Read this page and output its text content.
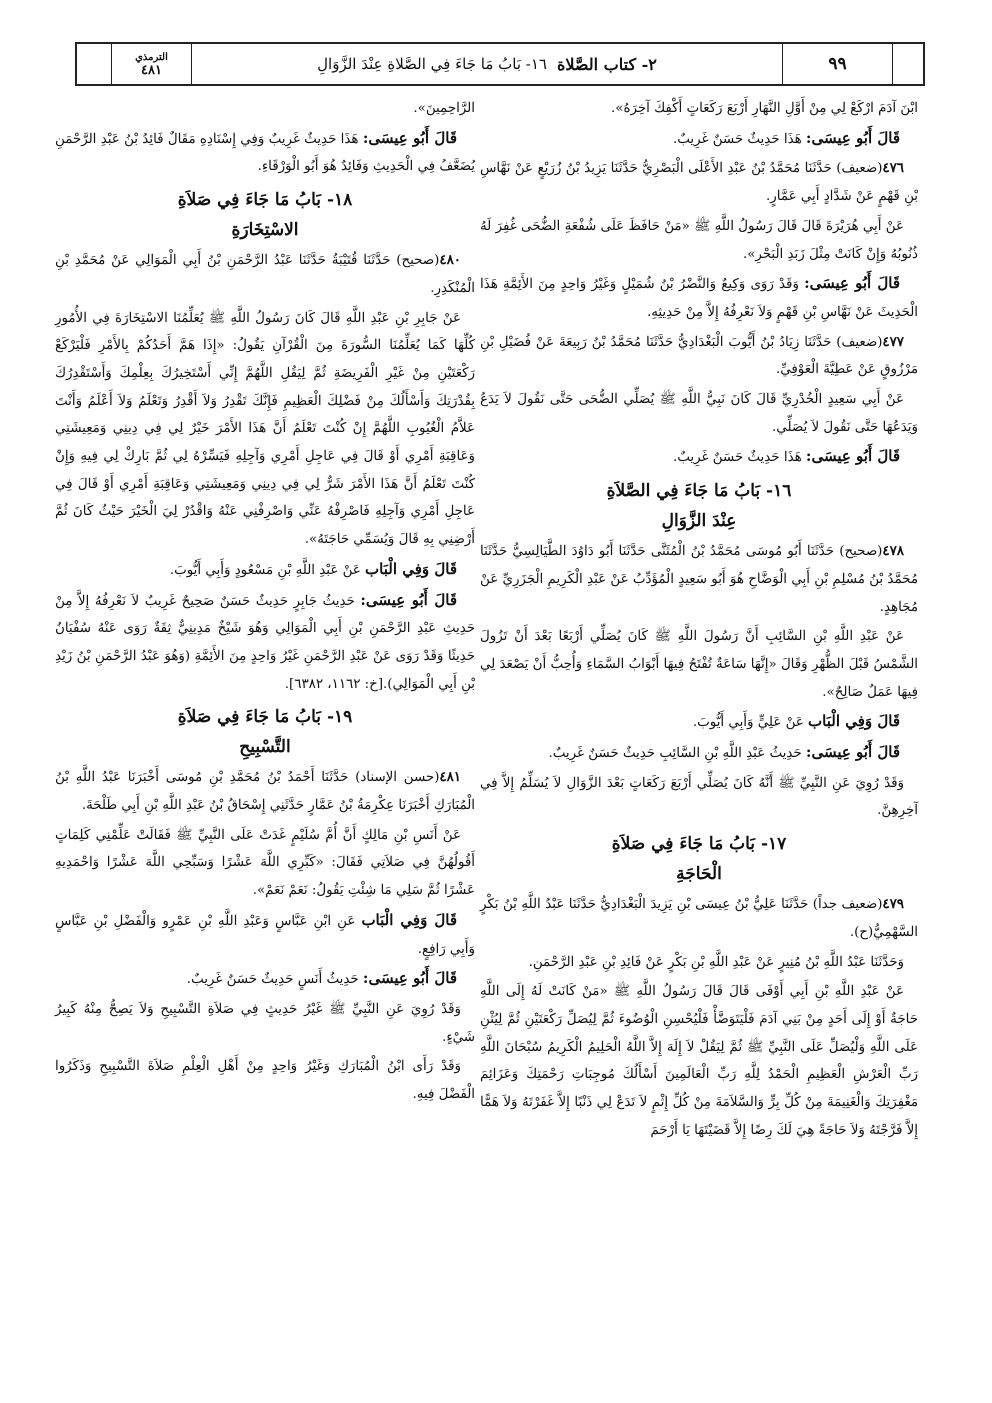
الترمذي
٤٨١	٢- كتاب الصَّلاة
١٦- بَابُ مَا جَاءَ فِي الصَّلاةِ عِنْدَ الزَّوَالِ	٩٩

ابْنَ آدَمَ ارْكَعْ لِي مِنْ أَوَّلِ النَّهَارِ أَرْبَعَ رَكَعَاتٍ أَكْفِكَ آخِرَهُ».

قَالَ أَبُو عِيسَى: هَذَا حَدِيثٌ حَسَنٌ غَرِيبٌ.

٤٧٦(ضعيف) حَدَّثَنَا مُحَمَّدُ بْنُ عَبْدِ الأَعْلَى الْبَصْرِيُّ حَدَّثَنَا يَزِيدُ بْنُ زُرَيْعٍ عَنْ نَهَّاسِ بْنِ قَهْمٍ عَنْ شَدَّادٍ أَبِي عَمَّارٍ.

عَنْ أَبِي هُرَيْرَةَ قَالَ قَالَ رَسُولُ اللَّهِ ﷺ «مَنْ حَافَظَ عَلَى شُفْعَةِ الضُّحَى غُفِرَ لَهُ ذُنُوبُهُ وَإِنْ كَانَتْ مِثْلَ زَبَدِ الْبَحْرِ».

قَالَ أَبُو عِيسَى: وَقَدْ رَوَى وَكِيعٌ وَالنَّضْرُ بْنُ شُمَيْلٍ وَغَيْرُ وَاحِدٍ مِنَ الأَئِمَّةِ هَذَا الْحَدِيثَ عَنْ نَهَّاسِ بْنِ قَهْمٍ وَلاَ نَعْرِفُهُ إِلاَّ مِنْ حَدِيثِهِ.

٤٧٧(ضعيف) حَدَّثَنَا زِيَادُ بْنُ أَيُّوبَ الْبَغْدَادِيُّ حَدَّثَنَا مُحَمَّدُ بْنُ رَبِيعَةَ عَنْ فُضَيْلِ بْنِ مَرْزُوقٍ عَنْ عَطِيَّةَ الْعَوْفِيِّ.

عَنْ أَبِي سَعِيدٍ الْخُدْرِيِّ قَالَ كَانَ نَبِيُّ اللَّهِ ﷺ يُصَلِّي الضُّحَى حَتَّى نَقُولَ لاَ يَدَعُ وَيَدَعُهَا حَتَّى نَقُولَ لاَ يُصَلِّي.

قَالَ أَبُو عِيسَى: هَذَا حَدِيثٌ حَسَنٌ غَرِيبٌ.

١٦- بَابُ مَا جَاءَ فِي الصَّلاَةِ
عِنْدَ الزَّوَالِ

٤٧٨(صحيح) حَدَّثَنَا أَبُو مُوسَى مُحَمَّدُ بْنُ الْمُثَنَّى حَدَّثَنَا أَبُو دَاوُدَ الطَّيَالِسِيُّ حَدَّثَنَا مُحَمَّدُ بْنُ مُسْلِمِ بْنِ أَبِي الْوَضَّاحِ هُوَ أَبُو سَعِيدٍ الْمُؤَدِّبُ عَنْ عَبْدِ الْكَرِيمِ الْجَزَرِيِّ عَنْ مُجَاهِدٍ.

عَنْ عَبْدِ اللَّهِ بْنِ السَّائِبِ أَنَّ رَسُولَ اللَّهِ ﷺ كَانَ يُصَلِّي أَرْبَعًا بَعْدَ أَنْ تَزُولَ الشَّمْسُ قَبْلَ الظُّهْرِ وَقَالَ «إِنَّهَا سَاعَةٌ تُفْتَحُ فِيهَا أَبْوَابُ السَّمَاءِ وَأُحِبُّ أَنْ يَصْعَدَ لِي فِيهَا عَمَلٌ صَالِحٌ».

قَالَ وَفِي الْبَاب عَنْ عَلِيٍّ وَأَبِي أَيُّوبَ.

قَالَ أَبُو عِيسَى: حَدِيثُ عَبْدِ اللَّهِ بْنِ السَّائِبِ حَدِيثٌ حَسَنٌ غَرِيبٌ.

وَقَدْ رُوِيَ عَنِ النَّبِيِّ ﷺ أَنَّهُ كَانَ يُصَلِّي أَرْبَعَ رَكَعَاتٍ بَعْدَ الزَّوَالِ لاَ يُسَلِّمُ إِلاَّ فِي آخِرِهِنَّ.

١٧- بَابُ مَا جَاءَ فِي صَلاَةِ
الْحَاجَةِ

٤٧٩(ضعيف جداً) حَدَّثَنَا عَلِيُّ بْنُ عِيسَى بْنِ يَزِيدَ الْبَغْدَادِيُّ حَدَّثَنَا عَبْدُ اللَّهِ بْنُ بَكْرٍ السَّهْمِيُّ(ح).

وَحَدَّثَنَا عَبْدُ اللَّهِ بْنُ مُنِيرٍ عَنْ عَبْدِ اللَّهِ بْنِ بَكْرٍ عَنْ فَائِدِ بْنِ عَبْدِ الرَّحْمَنِ.

عَنْ عَبْدِ اللَّهِ بْنِ أَبِي أَوْفَى قَالَ قَالَ رَسُولُ اللَّهِ ﷺ «مَنْ كَانَتْ لَهُ إِلَى اللَّهِ حَاجَةٌ أَوْ إِلَى أَحَدٍ مِنْ بَنِي آدَمَ فَلْيَتَوَضَّأْ فَلْيُحْسِنِ الْوُضُوءَ ثُمَّ لِيُصَلِّ رَكْعَتَيْنِ ثُمَّ لِيُثْنِ عَلَى اللَّهِ وَلْيُصَلِّ عَلَى النَّبِيِّ ﷺ ثُمَّ لِيَقُلْ لاَ إِلَهَ إِلاَّ اللَّهُ الْحَلِيمُ الْكَرِيمُ سُبْحَانَ اللَّهِ رَبِّ الْعَرْشِ الْعَظِيمِ الْحَمْدُ لِلَّهِ رَبِّ الْعَالَمِينَ أَسْأَلُكَ مُوجِبَاتِ رَحْمَتِكَ وَعَزَائِمَ مَغْفِرَتِكَ وَالْغَنِيمَةَ مِنْ كُلِّ بِرٍّ وَالسَّلاَمَةَ مِنْ كُلِّ إِثْمٍ لاَ تَدَعْ لِي ذَنْبًا إِلاَّ غَفَرْتَهُ وَلاَ هَمًّا إِلاَّ فَرَّجْتَهُ وَلاَ حَاجَةً هِيَ لَكَ رِضًا إِلاَّ قَضَيْتَهَا يَا أَرْحَمَ

الرَّاحِمِينَ».

قَالَ أَبُو عِيسَى: هَذَا حَدِيثٌ غَرِيبٌ وَفِي إِسْنَادِهِ مَقَالٌ فَائِدُ بْنُ عَبْدِ الرَّحْمَنِ يُضَعَّفُ فِي الْحَدِيثِ وَفَائِدٌ هُوَ أَبُو الْوَرْقَاءِ.

١٨- بَابُ مَا جَاءَ فِي صَلاَةِ
الاسْتِخَارَةِ

٤٨٠(صحيح) حَدَّثَنَا قُتَيْبَةُ حَدَّثَنَا عَبْدُ الرَّحْمَنِ بْنُ أَبِي الْمَوَالِي عَنْ مُحَمَّدِ بْنِ الْمُنْكَدِرِ.

عَنْ جَابِرِ بْنِ عَبْدِ اللَّهِ قَالَ كَانَ رَسُولُ اللَّهِ ﷺ يُعَلِّمُنَا الاسْتِخَارَةَ فِي الأُمُورِ كُلِّهَا كَمَا يُعَلِّمُنَا السُّورَةَ مِنَ الْقُرْآنِ يَقُولُ: «إِذَا هَمَّ أَحَدُكُمْ بِالأَمْرِ فَلْيَرْكَعْ رَكْعَتَيْنِ مِنْ غَيْرِ الْفَرِيضَةِ ثُمَّ لِيَقُلِ اللَّهُمَّ إِنِّي أَسْتَخِيرُكَ بِعِلْمِكَ وَأَسْتَقْدِرُكَ بِقُدْرَتِكَ وَأَسْأَلُكَ مِنْ فَضْلِكَ الْعَظِيمِ فَإِنَّكَ تَقْدِرُ وَلاَ أَقْدِرُ وَتَعْلَمُ وَلاَ أَعْلَمُ وَأَنْتَ عَلاَّمُ الْغُيُوبِ اللَّهُمَّ إِنْ كُنْتَ تَعْلَمُ أَنَّ هَذَا الأَمْرَ خَيْرٌ لِي فِي دِينِي وَمَعِيشَتِي وَعَاقِبَةِ أَمْرِي أَوْ قَالَ فِي عَاجِلِ أَمْرِي وَآجِلِهِ فَيَسِّرْهُ لِي ثُمَّ بَارِكْ لِي فِيهِ وَإِنْ كُنْتَ تَعْلَمُ أَنَّ هَذَا الأَمْرَ شَرٌّ لِي فِي دِينِي وَمَعِيشَتِي وَعَاقِبَةِ أَمْرِي أَوْ قَالَ فِي عَاجِلِ أَمْرِي وَآجِلِهِ فَاصْرِفْهُ عَنِّي وَاصْرِفْنِي عَنْهُ وَاقْدُرْ لِيَ الْخَيْرَ حَيْثُ كَانَ ثُمَّ أَرْضِنِي بِهِ قَالَ وَيُسَمِّي حَاجَتَهُ».

قَالَ وَفِي الْبَاب عَنْ عَبْدِ اللَّهِ بْنِ مَسْعُودٍ وَأَبِي أَيُّوبَ.

قَالَ أَبُو عِيسَى: حَدِيثُ جَابِرٍ حَدِيثٌ حَسَنٌ صَحِيحٌ غَرِيبٌ لاَ نَعْرِفُهُ إِلاَّ مِنْ حَدِيثِ عَبْدِ الرَّحْمَنِ بْنِ أَبِي الْمَوَالِي وَهُوَ شَيْخٌ مَدِينِيٌّ ثِقَةٌ رَوَى عَنْهُ سُفْيَانُ حَدِيثًا وَقَدْ رَوَى عَنْ عَبْدِ الرَّحْمَنِ غَيْرُ وَاحِدٍ مِنَ الأَئِمَّةِ (وَهُوَ عَبْدُ الرَّحْمَنِ بْنُ زَيْدِ بْنِ أَبِي الْمَوَالِي).[خ: ١١٦٢، ٦٣٨٢].

١٩- بَابُ مَا جَاءَ فِي صَلاَةِ
التَّسْبِيحِ

٤٨١(حسن الإسناد) حَدَّثَنَا أَحْمَدُ بْنُ مُحَمَّدِ بْنِ مُوسَى أَخْبَرَنَا عَبْدُ اللَّهِ بْنُ الْمُبَارَكِ أَخْبَرَنَا عِكْرِمَةُ بْنُ عَمَّارٍ حَدَّثَنِي إِسْحَاقُ بْنُ عَبْدِ اللَّهِ بْنِ أَبِي طَلْحَةَ.

عَنْ أَنَسِ بْنِ مَالِكٍ أَنَّ أُمَّ سُلَيْمٍ غَدَتْ عَلَى النَّبِيِّ ﷺ فَقَالَتْ عَلِّمْنِي كَلِمَاتٍ أَقُولُهُنَّ فِي صَلاَتِي فَقَالَ: «كَبِّرِي اللَّهَ عَشْرًا وَسَبِّحِي اللَّهَ عَشْرًا وَاحْمَدِيهِ عَشْرًا ثُمَّ سَلِي مَا شِئْتِ يَقُولُ: نَعَمْ نَعَمْ».

قَالَ وَفِي الْبَاب عَنِ ابْنِ عَبَّاسٍ وَعَبْدِ اللَّهِ بْنِ عَمْرٍو وَالْفَضْلِ بْنِ عَبَّاسٍ وَأَبِي رَافِعٍ.

قَالَ أَبُو عِيسَى: حَدِيثُ أَنَسٍ حَدِيثٌ حَسَنٌ غَرِيبٌ.

وَقَدْ رُوِيَ عَنِ النَّبِيِّ ﷺ غَيْرُ حَدِيثٍ فِي صَلاَةِ التَّسْبِيحِ وَلاَ يَصِحُّ مِنْهُ كَبِيرُ شَيْءٍ.

وَقَدْ رَأَى ابْنُ الْمُبَارَكِ وَغَيْرُ وَاحِدٍ مِنْ أَهْلِ الْعِلْمِ صَلاَةَ التَّسْبِيحِ وَذَكَرُوا الْفَضْلَ فِيهِ.
